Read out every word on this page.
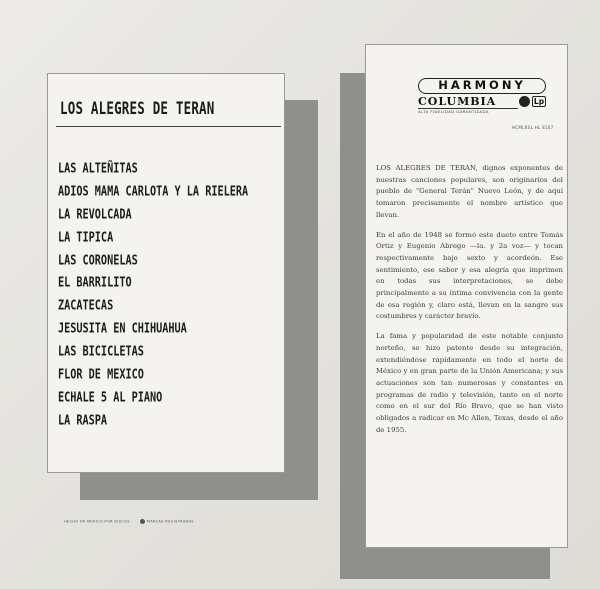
LOS ALEGRES DE TERAN
LAS ALTEÑITAS
ADIOS MAMA CARLOTA Y LA RIELERA
LA REVOLCADA
LA TIPICA
LAS CORONELAS
EL BARRILITO
ZACATECAS
JESUSITA EN CHIHUAHUA
LAS BICICLETAS
FLOR DE MEXICO
ECHALE 5 AL PIANO
LA RASPA
HARMONY
COLUMBIA	Lp
ALTA FIDELIDAD GARANTIZADA
HCMLRSL HL 8107

LOS ALEGRES DE TERAN, dignos exponentes de nuestras canciones populares, son originarios del pueblo de "General Terán" Nuevo León, y de aquí tomaron precisamente el nombre artístico que llevan.

En el año de 1948 se formó este dueto entre Tomás Ortiz y Eugenio Abrego —la. y 2a voz— y tocan respectivamente bajo sexto y acordeón. Ese sentimiento, ese sabor y esa alegría que imprimen en todas sus interpretaciones, se debe principalmente a su íntima convivencia con la gente de esa región y, claro está, llevan en la sangre sus costumbres y carácter bravío.

La fama y popularidad de este notable conjunto norteño, se hizo patente desde su integración, extendiéndose rápidamente en todo el norte de México y en gran parte de la Unión Americana; y sus actuaciones son tan numerosas y constantes en programas de radio y televisión, tanto en el norte como en el sur del Río Bravo, que se han visto obligados a radicar en Mc Allen, Texas, desde el año de 1955.

HECHO EN MEXICO POR DISCOS	MARCAS REGISTRADAS
